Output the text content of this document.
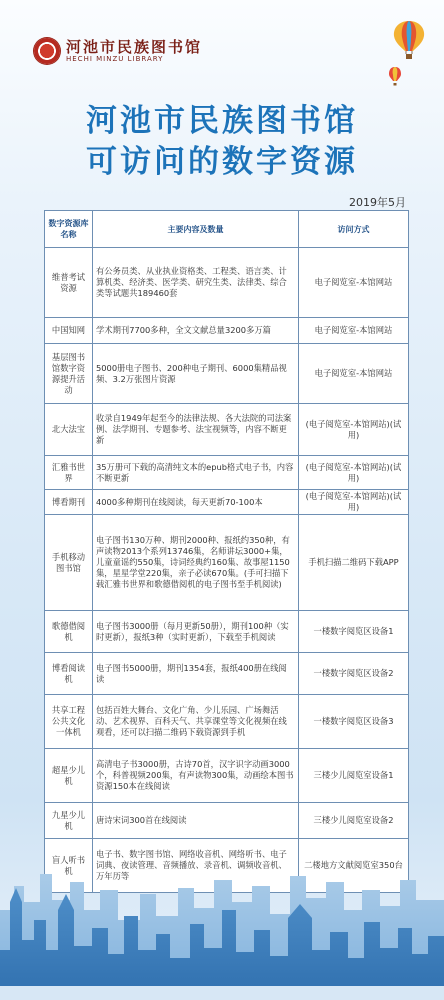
河池市民族图书馆
HECHI MINZU LIBRARY
河池市民族图书馆
可访问的数字资源
2019年5月
数字资源库名称	主要内容及数量	访问方式
维普考试资源	有公务员类、从业执业资格类、工程类、语言类、计算机类、经济类、医学类、研究生类、法律类、综合类等试题共189460套	电子阅览室-本馆网站
中国知网	学术期刊7700多种，全文文献总量3200多万篇	电子阅览室-本馆网站
基层图书馆数字资源提升活动	5000册电子图书、200种电子期刊、6000集精品视频、3.2万张图片资源	电子阅览室-本馆网站
北大法宝	收录自1949年起至今的法律法规、各大法院的司法案例、法学期刊、专题参考、法宝视频等，内容不断更新	(电子阅览室-本馆网站)(试用)
汇雅书世界	35万册可下载的高清纯文本的epub格式电子书，内容不断更新	(电子阅览室-本馆网站)(试用)
博看期刊	4000多种期刊在线阅读，每天更新70-100本	(电子阅览室-本馆网站)(试用)
手机移动图书馆	电子图书130万种、期刊2000种、报纸约350种，有声读物2013个系列13746集，名师讲坛3000+集，儿童童谣约550集，诗词经典约160集、故事屋1150集，星星学堂220集，亲子必读670集。(手可扫描下载汇雅书世界和歌德借阅机的电子图书至手机阅读)	手机扫描二维码下载APP
歌德借阅机	电子图书3000册（每月更新50册），期刊100种（实时更新），报纸3种（实时更新），下载至手机阅读	一楼数字阅览区设备1
博看阅读机	电子图书5000册，期刊1354套，报纸400册在线阅读	一楼数字阅览区设备2
共享工程公共文化一体机	包括百姓大舞台、文化广角、少儿乐园、广场舞活动、艺术视界、百科天气、共享课堂等文化视频在线观看，还可以扫描二维码下载资源到手机	一楼数字阅览区设备3
超星少儿机	高清电子书3000册，古诗70首，汉字识字动画3000个，科普视频200集，有声读物300集，动画绘本图书资源150本在线阅读	三楼少儿阅览室设备1
九星少儿机	唐诗宋词300首在线阅读	三楼少儿阅览室设备2
盲人听书机	电子书、数字图书馆、网络收音机、网络听书、电子词典、夜读管理、音频播放、录音机、调频收音机、万年历等	二楼地方文献阅览室350台
